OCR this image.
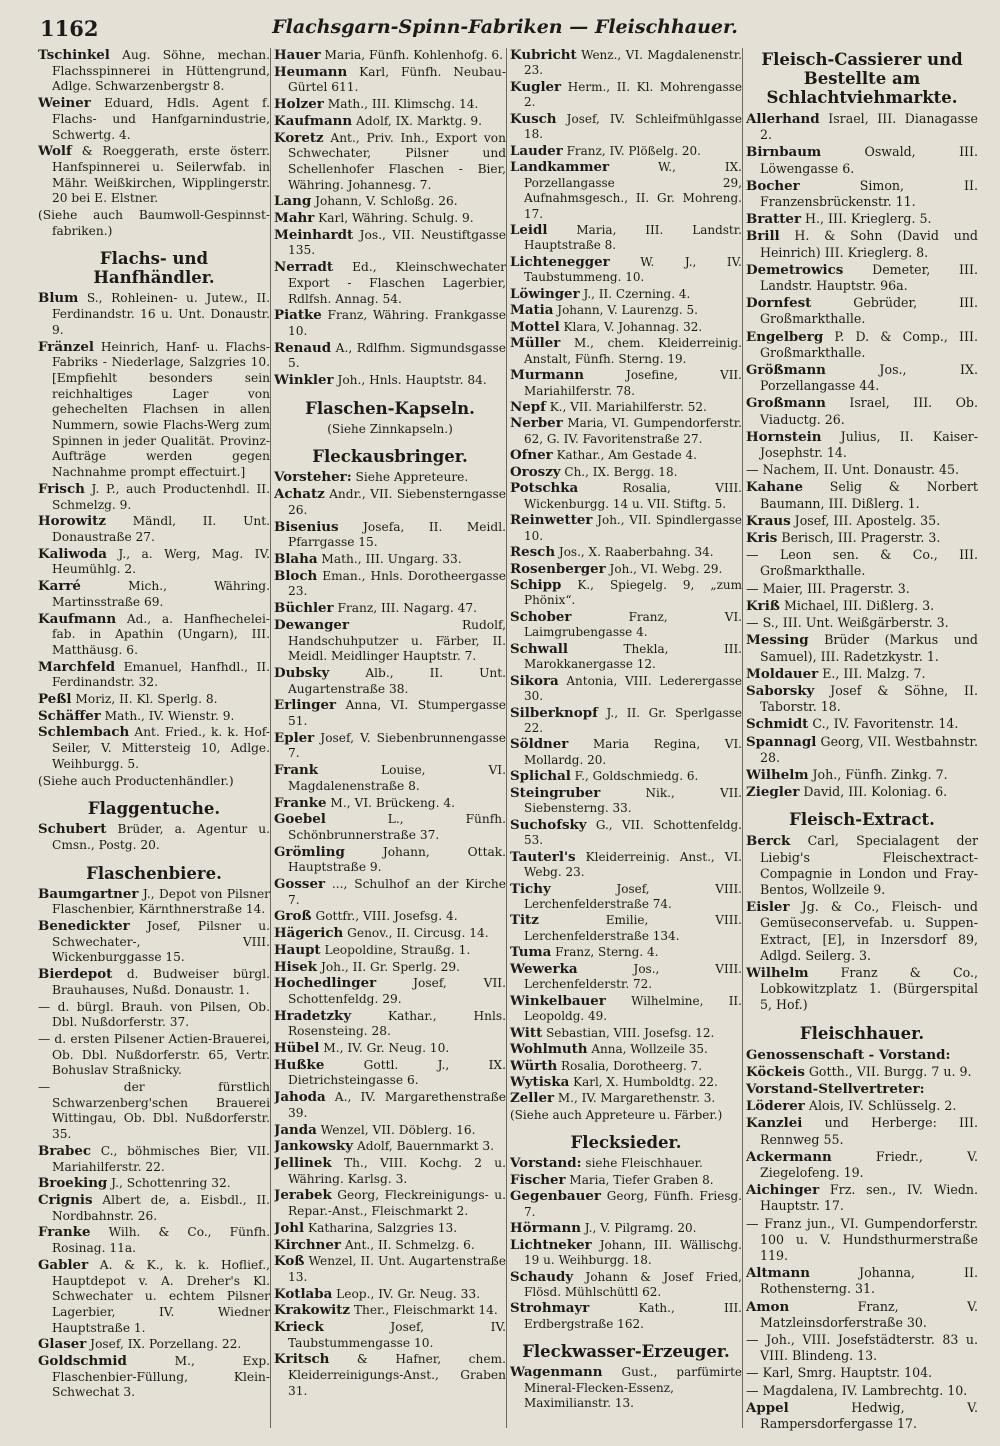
1162	Flachsgarn-Spinn-Fabriken — Fleischhauer.
Tschinkel Aug. Söhne, mechan. Flachsspinnerei in Hüttengrund, Adlge. Schwarzenbergstr 8.
Weiner Eduard, Hdls. Agent f. Flachs- und Hanfgarnindustrie, Schwertg. 4.
Wolf & Roeggerath, erste österr. Hanfspinnerei u. Seilerwfab. in Mähr. Weißkirchen, Wipplingerstr. 20 bei E. Elstner.
(Siehe auch Baumwoll-Gespinnst-fabriken.)
Flachs- und Hanfhändler.
Blum S., Rohleinen- u. Jutew., II. Ferdinandstr. 16 u. Unt. Donaustr. 9.
Fränzel Heinrich, Hanf- u. Flachs-Fabriks - Niederlage, Salzgries 10. [Empfiehlt besonders sein reichhaltiges Lager von gehechelten Flachsen in allen Nummern, sowie Flachs-Werg zum Spinnen in jeder Qualität. Provinz-Aufträge werden gegen Nachnahme prompt effectuirt.]
Frisch J. P., auch Productenhdl. II. Schmelzg. 9.
Horowitz Mändl, II. Unt. Donaustraße 27.
Kaliwoda J., a. Werg, Mag. IV. Heumühlg. 2.
Karré Mich., Währing. Martinsstraße 69.
Kaufmann Ad., a. Hanfhechelei-fab. in Apathin (Ungarn), III. Matthäusg. 6.
Marchfeld Emanuel, Hanfhdl., II. Ferdinandstr. 32.
Peßl Moriz, II. Kl. Sperlg. 8.
Schäffer Math., IV. Wienstr. 9.
Schlembach Ant. Fried., k. k. Hof-Seiler, V. Mittersteig 10, Adlge. Weihburgg. 5.
(Siehe auch Productenhändler.)
Flaggentuche.
Schubert Brüder, a. Agentur u. Cmsn., Postg. 20.
Flaschenbiere.
Baumgartner J., Depot von Pilsner Flaschenbier, Kärnthnerstraße 14.
Benedickter Josef, Pilsner u. Schwechater-, VIII. Wickenburggasse 15.
Bierdepot d. Budweiser bürgl. Brauhauses, Nußd. Donaustr. 1.
— d. bürgl. Brauh. von Pilsen, Ob. Dbl. Nußdorferstr. 37.
— d. ersten Pilsener Actien-Brauerei, Ob. Dbl. Nußdorferstr. 65, Vertr. Bohuslav Straßnicky.
— der fürstlich Schwarzenberg'schen Brauerei Wittingau, Ob. Dbl. Nußdorferstr. 35.
Brabec C., böhmisches Bier, VII. Mariahilferstr. 22.
Broeking J., Schottenring 32.
Crignis Albert de, a. Eisbdl., II. Nordbahnstr. 26.
Franke Wilh. & Co., Fünfh. Rosinag. 11a.
Gabler A. & K., k. k. Hoflief., Hauptdepot v. A. Dreher's Kl. Schwechater u. echtem Pilsner Lagerbier, IV. Wiedner Hauptstraße 1.
Glaser Josef, IX. Porzellang. 22.
Goldschmid M., Exp. Flaschenbier-Füllung, Klein-Schwechat 3.
Hauer Maria, Fünfh. Kohlenhofg. 6.
Heumann Karl, Fünfh. Neubau-Gürtel 611.
Holzer Math., III. Klimschg. 14.
Kaufmann Adolf, IX. Marktg. 9.
Koretz Ant., Priv. Inh., Export von Schwechater, Pilsner und Schellenhofer Flaschen - Bier, Währing. Johannesg. 7.
Lang Johann, V. Schloßg. 26.
Mahr Karl, Währing. Schulg. 9.
Meinhardt Jos., VII. Neustiftgasse 135.
Nerradt Ed., Kleinschwechater Export - Flaschen Lagerbier, Rdlfsh. Annag. 54.
Piatke Franz, Währing. Frankgasse 10.
Renaud A., Rdlfhm. Sigmundsgasse 5.
Winkler Joh., Hnls. Hauptstr. 84.
Flaschen-Kapseln.
(Siehe Zinnkapseln.)
Fleckausbringer.
Vorsteher: Siehe Appreteure.
Achatz Andr., VII. Siebensterngasse 26.
Bisenius Josefa, II. Meidl. Pfarrgasse 15.
Blaha Math., III. Ungarg. 33.
Bloch Eman., Hnls. Dorotheergasse 23.
Büchler Franz, III. Nagarg. 47.
Dewanger Rudolf, Handschuhputzer u. Färber, II. Meidl. Meidlinger Hauptstr. 7.
Dubsky Alb., II. Unt. Augartenstraße 38.
Erlinger Anna, VI. Stumpergasse 51.
Epler Josef, V. Siebenbrunnengasse 7.
Frank Louise, VI. Magdalenenstraße 8.
Franke M., VI. Brückeng. 4.
Goebel L., Fünfh. Schönbrunnerstraße 37.
Grömling Johann, Ottak. Hauptstraße 9.
Gosser ..., Schulhof an der Kirche 7.
Groß Gottfr., VIII. Josefsg. 4.
Hägerich Genov., II. Circusg. 14.
Haupt Leopoldine, Straußg. 1.
Hisek Joh., II. Gr. Sperlg. 29.
Hochedlinger Josef, VII. Schottenfeldg. 29.
Hradetzky Kathar., Hnls. Rosensteing. 28.
Hübel M., IV. Gr. Neug. 10.
Hußke Gottl. J., IX. Dietrichsteingasse 6.
Jahoda A., IV. Margarethenstraße 39.
Janda Wenzel, VII. Döblerg. 16.
Jankowsky Adolf, Bauernmarkt 3.
Jellinek Th., VIII. Kochg. 2 u. Währing. Karlsg. 3.
Jerabek Georg, Fleckreinigungs- u. Repar.-Anst., Fleischmarkt 2.
Johl Katharina, Salzgries 13.
Kirchner Ant., II. Schmelzg. 6.
Koß Wenzel, II. Unt. Augartenstraße 13.
Kotlaba Leop., IV. Gr. Neug. 33.
Krakowitz Ther., Fleischmarkt 14.
Krieck Josef, IV. Taubstummengasse 10.
Kritsch & Hafner, chem. Kleiderreinigungs-Anst., Graben 31.
Kubricht Wenz., VI. Magdalenenstr. 23.
Kugler Herm., II. Kl. Mohrengasse 2.
Kusch Josef, IV. Schleifmühlgasse 18.
Lauder Franz, IV. Plößelg. 20.
Landkammer W., IX. Porzellangasse 29, Aufnahmsgesch., II. Gr. Mohreng. 17.
Leidl Maria, III. Landstr. Hauptstraße 8.
Lichtenegger W. J., IV. Taubstummeng. 10.
Löwinger J., II. Czerning. 4.
Matia Johann, V. Laurenzg. 5.
Mottel Klara, V. Johannag. 32.
Müller M., chem. Kleiderreinig. Anstalt, Fünfh. Sterng. 19.
Murmann Josefine, VII. Mariahilferstr. 78.
Nepf K., VII. Mariahilferstr. 52.
Nerber Maria, VI. Gumpendorferstr. 62, G. IV. Favoritenstraße 27.
Ofner Kathar., Am Gestade 4.
Oroszy Ch., IX. Bergg. 18.
Potschka Rosalia, VIII. Wickenburgg. 14 u. VII. Stiftg. 5.
Reinwetter Joh., VII. Spindlergasse 10.
Resch Jos., X. Raaberbahng. 34.
Rosenberger Joh., VI. Webg. 29.
Schipp K., Spiegelg. 9, „zum Phönix“.
Schober Franz, VI. Laimgrubengasse 4.
Schwall Thekla, III. Marokkanergasse 12.
Sikora Antonia, VIII. Lederergasse 30.
Silberknopf J., II. Gr. Sperlgasse 22.
Söldner Maria Regina, VI. Mollardg. 20.
Splichal F., Goldschmiedg. 6.
Steingruber Nik., VII. Siebensterng. 33.
Suchofsky G., VII. Schottenfeldg. 53.
Tauterl's Kleiderreinig. Anst., VI. Webg. 23.
Tichy Josef, VIII. Lerchenfelderstraße 74.
Titz Emilie, VIII. Lerchenfelderstraße 134.
Tuma Franz, Sterng. 4.
Wewerka Jos., VIII. Lerchenfelderstr. 72.
Winkelbauer Wilhelmine, II. Leopoldg. 49.
Witt Sebastian, VIII. Josefsg. 12.
Wohlmuth Anna, Wollzeile 35.
Würth Rosalia, Dorotheerg. 7.
Wytiska Karl, X. Humboldtg. 22.
Zeller M., IV. Margarethenstr. 3.
(Siehe auch Appreteure u. Färber.)
Flecksieder.
Vorstand: siehe Fleischhauer.
Fischer Maria, Tiefer Graben 8.
Gegenbauer Georg, Fünfh. Friesg. 7.
Hörmann J., V. Pilgramg. 20.
Lichtneker Johann, III. Wällischg. 19 u. Weihburgg. 18.
Schaudy Johann & Josef Fried, Flösd. Mühlschüttl 62.
Strohmayr Kath., III. Erdbergstraße 162.
Fleckwasser-Erzeuger.
Wagenmann Gust., parfümirte Mineral-Flecken-Essenz, Maximilianstr. 13.
Fleisch-Cassierer und Bestellte am Schlachtviehmarkte.
Allerhand Israel, III. Dianagasse 2.
Birnbaum Oswald, III. Löwengasse 6.
Bocher Simon, II. Franzensbrückenstr. 11.
Bratter H., III. Krieglerg. 5.
Brill H. & Sohn (David und Heinrich) III. Krieglerg. 8.
Demetrowics Demeter, III. Landstr. Hauptstr. 96a.
Dornfest Gebrüder, III. Großmarkthalle.
Engelberg P. D. & Comp., III. Großmarkthalle.
Größmann Jos., IX. Porzellangasse 44.
Großmann Israel, III. Ob. Viaductg. 26.
Hornstein Julius, II. Kaiser-Josephstr. 14.
— Nachem, II. Unt. Donaustr. 45.
Kahane Selig & Norbert Baumann, III. Dißlerg. 1.
Kraus Josef, III. Apostelg. 35.
Kris Berisch, III. Pragerstr. 3.
— Leon sen. & Co., III. Großmarkthalle.
— Maier, III. Pragerstr. 3.
Kriß Michael, III. Dißlerg. 3.
— S., III. Unt. Weißgärberstr. 3.
Messing Brüder (Markus und Samuel), III. Radetzkystr. 1.
Moldauer E., III. Malzg. 7.
Saborsky Josef & Söhne, II. Taborstr. 18.
Schmidt C., IV. Favoritenstr. 14.
Spannagl Georg, VII. Westbahnstr. 28.
Wilhelm Joh., Fünfh. Zinkg. 7.
Ziegler David, III. Koloniag. 6.
Fleisch-Extract.
Berck Carl, Specialagent der Liebig's Fleischextract-Compagnie in London und Fray-Bentos, Wollzeile 9.
Eisler Jg. & Co., Fleisch- und Gemüseconservefab. u. Suppen-Extract, [E], in Inzersdorf 89, Adlgd. Seilerg. 3.
Wilhelm Franz & Co., Lobkowitzplatz 1. (Bürgerspital 5, Hof.)
Fleischhauer.
Genossenschaft - Vorstand:
Köckeis Gotth., VII. Burgg. 7 u. 9.
Vorstand-Stellvertreter:
Löderer Alois, IV. Schlüsselg. 2.
Kanzlei und Herberge: III. Rennweg 55.
Ackermann Friedr., V. Ziegelofeng. 19.
Aichinger Frz. sen., IV. Wiedn. Hauptstr. 17.
— Franz jun., VI. Gumpendorferstr. 100 u. V. Hundsthurmerstraße 119.
Altmann Johanna, II. Rothensterng. 31.
Amon Franz, V. Matzleinsdorferstraße 30.
— Joh., VIII. Josefstädterstr. 83 u. VIII. Blindeng. 13.
— Karl, Smrg. Hauptstr. 104.
— Magdalena, IV. Lambrechtg. 10.
Appel Hedwig, V. Rampersdorfergasse 17.
